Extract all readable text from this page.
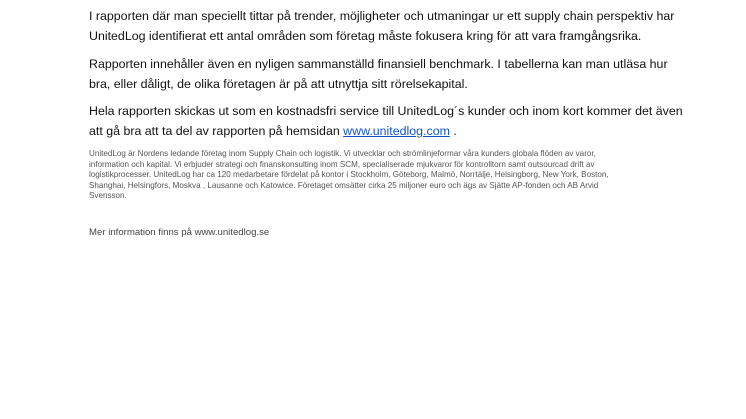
I rapporten där man speciellt tittar på trender, möjligheter och utmaningar ur ett supply chain perspektiv har UnitedLog identifierat ett antal områden som företag måste fokusera kring för att vara framgångsrika.

Rapporten innehåller även en nyligen sammanställd finansiell benchmark. I tabellerna kan man utläsa hur bra, eller dåligt, de olika företagen är på att utnyttja sitt rörelsekapital.

Hela rapporten skickas ut som en kostnadsfri service till UnitedLog´s kunder och inom kort kommer det även att gå bra att ta del av rapporten på hemsidan www.unitedlog.com .

UnitedLog är Nordens ledande företag inom Supply Chain och logistik. Vi utvecklar och strömlinjeformar våra kunders globala flöden av varor, information och kapital. Vi erbjuder strategi och finanskonsulting inom SCM, specialiserade mjukvaror för kontrolltorn samt outsourcad drift av logistikprocesser. UnitedLog har ca 120 medarbetare fördelat på kontor i Stockholm, Göteborg, Malmö, Norrtälje, Helsingborg, New York, Boston, Shanghai, Helsingfors, Moskva , Lausanne och Katowice. Företaget omsätter cirka 25 miljoner euro och ägs av Sjätte AP-fonden och AB Arvid Svensson.

Mer information finns på www.unitedlog.se
